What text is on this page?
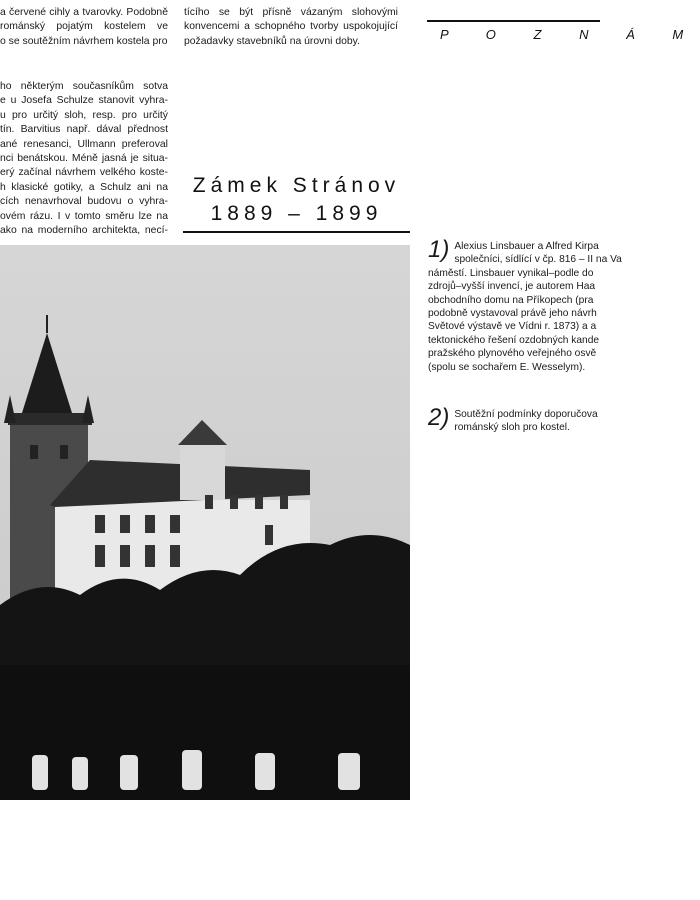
a červené cihly a tvarovky. Podobně
románský pojatým kostelem ve
o se soutěžním návrhem kostela pro
ho některým současníkům sotva
e u Josefa Schulze stanovit vyhra-
u pro určitý sloh, resp. pro určitý
tín. Barvitius např. dával přednost
ané renesanci, Ullmann preferoval
nci benátskou. Méně jasná je situa-
erý začínal návrhem velkého koste-
h klasické gotiky, a Schulz ani na
cích nenavrhoval budovu o vyhra-
ovém rázu. I v tomto směru lze na
ako na moderního architekta, necí-
tícího se být přísně vázaným slohovými
konvencemi a schopného tvorby uspokojující
požadavky stavebníků na úrovni doby.	P O Z N Á M
Zámek Stránov
1889 – 1899
1) Alexius Linsbauer a Alfred Kirpa
společníci, sídlící v čp. 816 – II na Va
náměstí. Linsbauer vynikal–podle do
zdrojů–vyšší invencí, je autorem Haa
obchodního domu na Příkopech (pra
podobně vystavoval právě jeho návrh
Světové výstavě ve Vídni r. 1873) a a
tektonického řešení ozdobných kande
pražského plynového veřejného osvě
(spolu se sochařem E. Wesselym).
2) Soutěžní podmínky doporučova
románský sloh pro kostel.
